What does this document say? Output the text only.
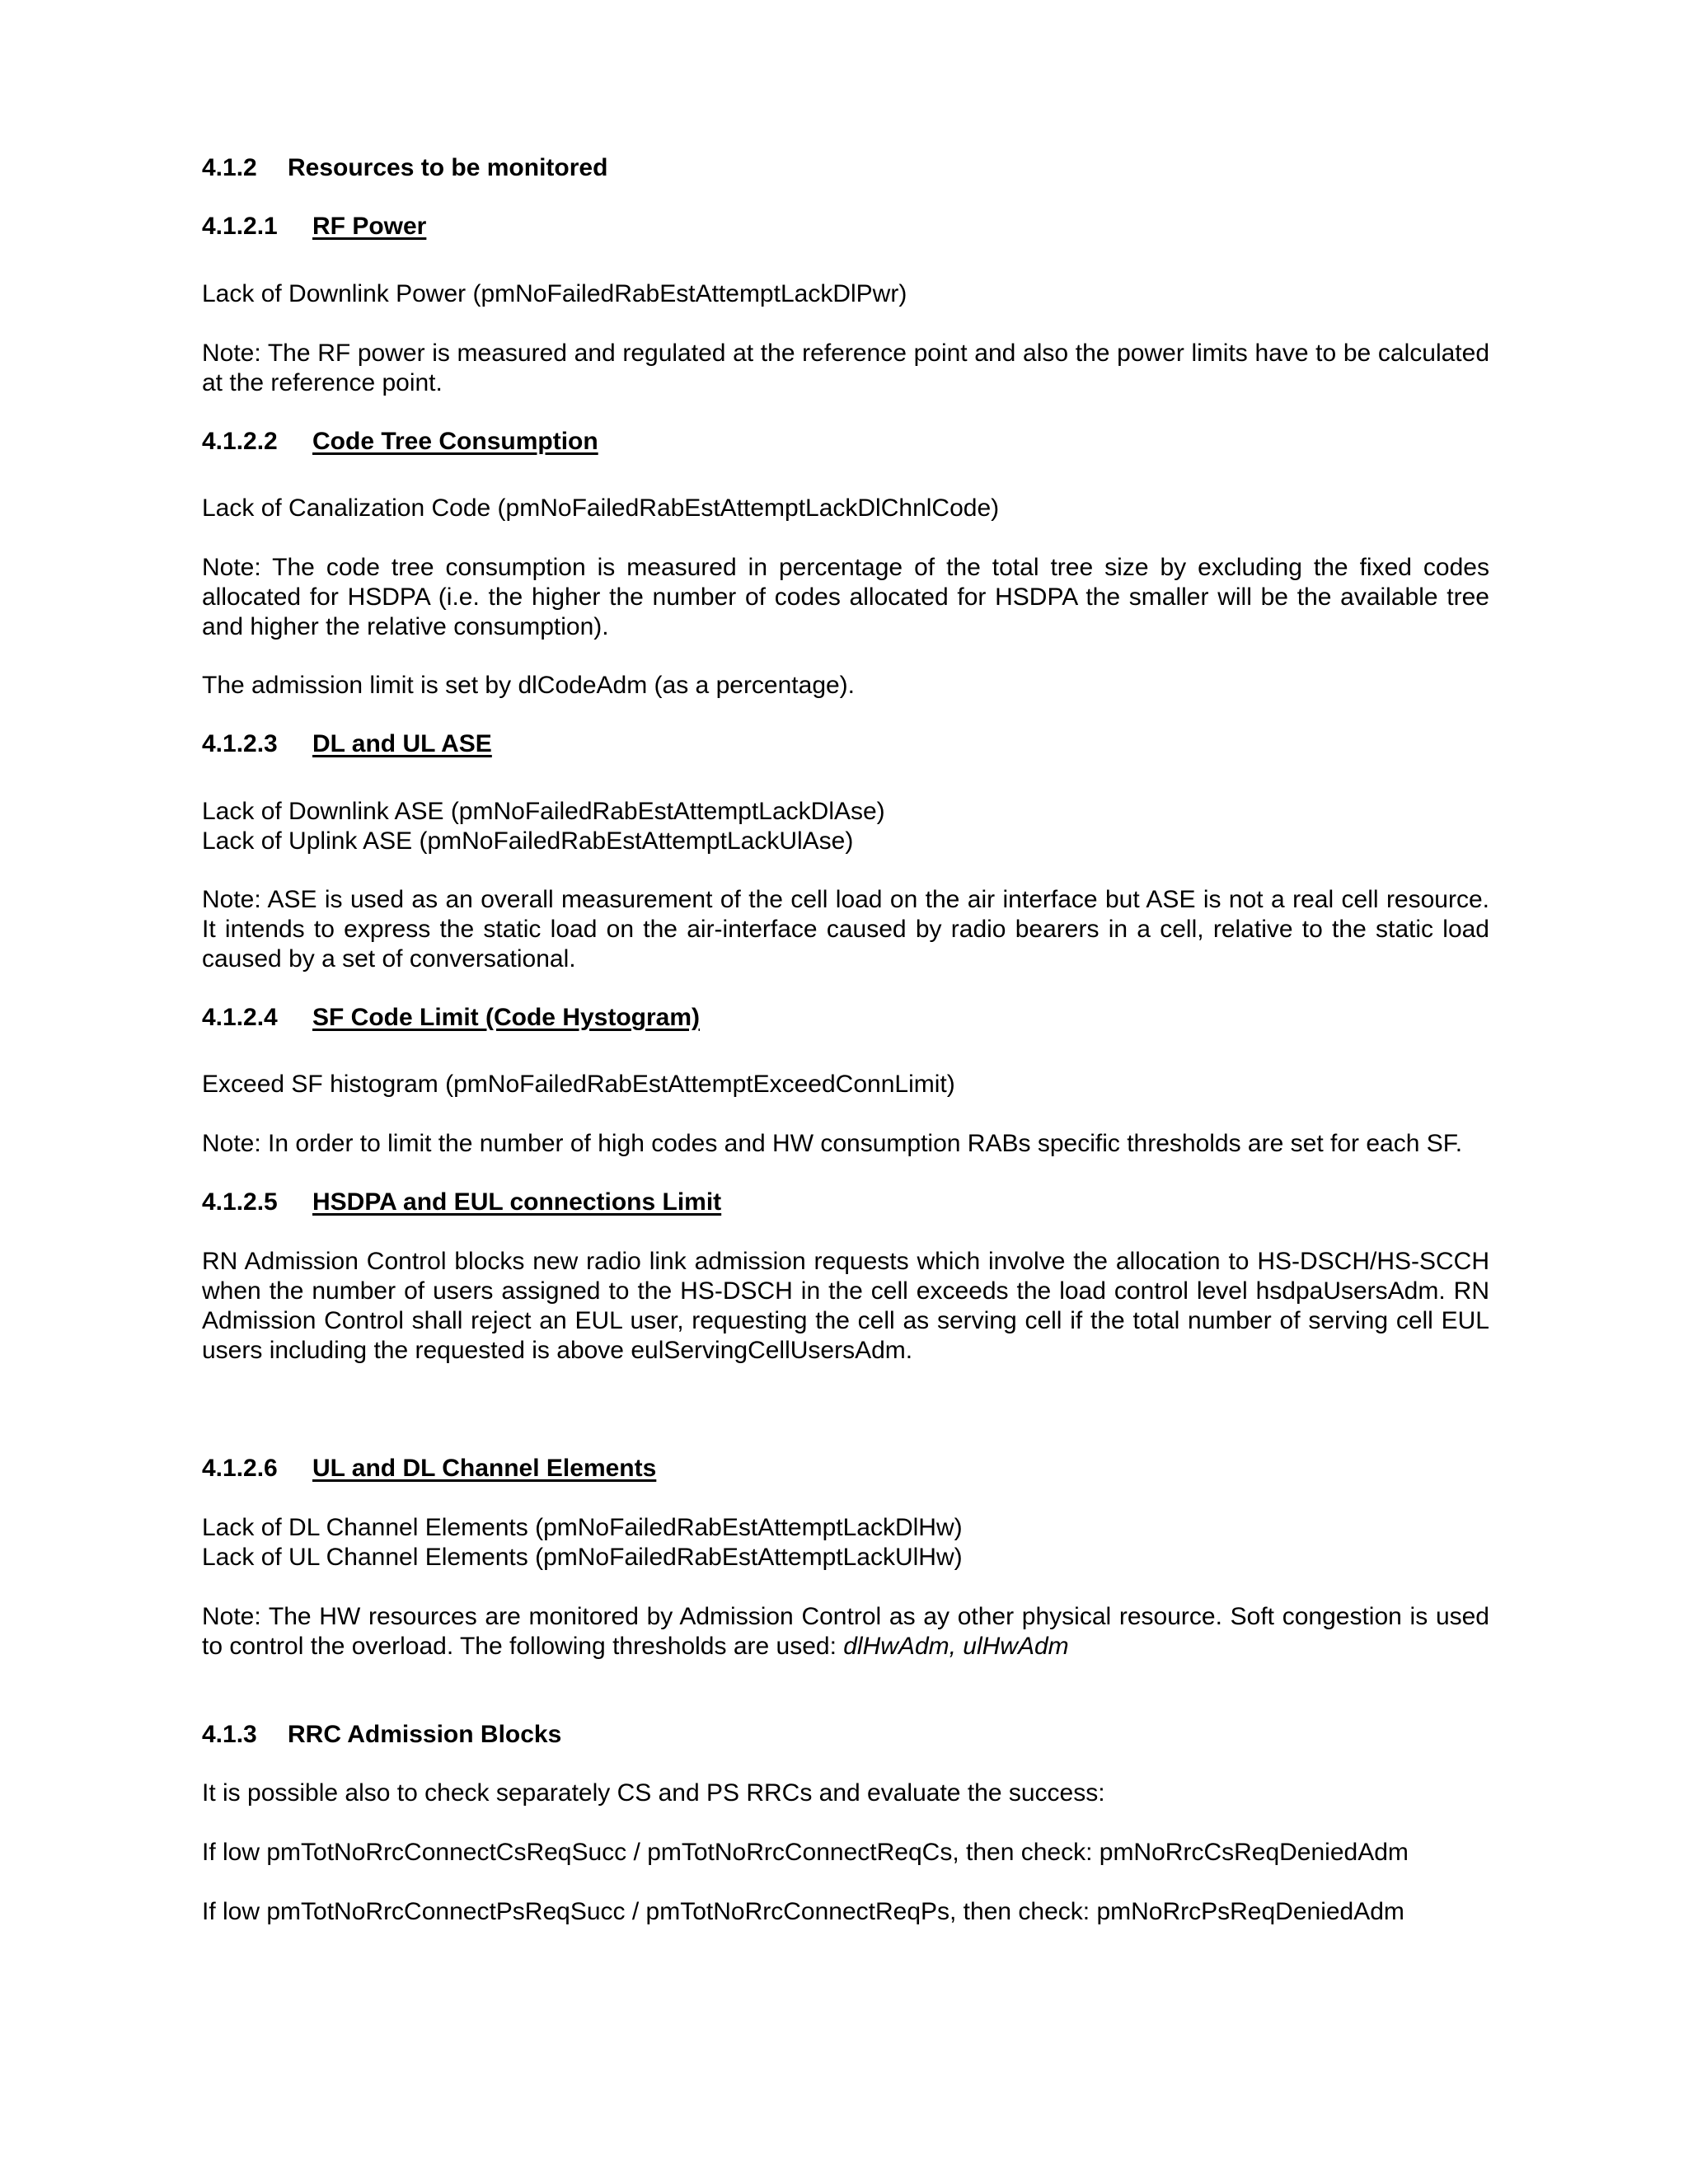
4.1.2 Resources to be monitored
4.1.2.1 RF Power
Lack of Downlink Power (pmNoFailedRabEstAttemptLackDlPwr)

Note: The RF power is measured and regulated at the reference point and also the power limits have to be calculated at the reference point.

4.1.2.2 Code Tree Consumption
Lack of Canalization Code (pmNoFailedRabEstAttemptLackDlChnlCode)

Note: The code tree consumption is measured in percentage of the total tree size by excluding the fixed codes allocated for HSDPA (i.e. the higher the number of codes allocated for HSDPA the smaller will be the available tree and higher the relative consumption).

The admission limit is set by dlCodeAdm (as a percentage).
4.1.2.3 DL and UL ASE
Lack of Downlink ASE (pmNoFailedRabEstAttemptLackDlAse)
Lack of Uplink ASE (pmNoFailedRabEstAttemptLackUlAse)

Note: ASE is used as an overall measurement of the cell load on the air interface but ASE is not a real cell resource. It intends to express the static load on the air-interface caused by radio bearers in a cell, relative to the static load caused by a set of conversational.

4.1.2.4 SF Code Limit (Code Hystogram)
Exceed SF histogram (pmNoFailedRabEstAttemptExceedConnLimit)

Note: In order to limit the number of high codes and HW consumption RABs specific thresholds are set for each SF.

4.1.2.5 HSDPA and EUL connections Limit

RN Admission Control blocks new radio link admission requests which involve the allocation to HS-DSCH/HS-SCCH when the number of users assigned to the HS-DSCH in the cell exceeds the load control level hsdpaUsersAdm. RN Admission Control shall reject an EUL user, requesting the cell as serving cell if the total number of serving cell EUL users including the requested is above eulServingCellUsersAdm.

4.1.2.6 UL and DL Channel Elements
Lack of DL Channel Elements (pmNoFailedRabEstAttemptLackDlHw)
Lack of UL Channel Elements (pmNoFailedRabEstAttemptLackUlHw)

Note: The HW resources are monitored by Admission Control as ay other physical resource. Soft congestion is used to control the overload. The following thresholds are used: dlHwAdm, ulHwAdm

4.1.3 RRC Admission Blocks
It is possible also to check separately CS and PS RRCs and evaluate the success:
If low pmTotNoRrcConnectCsReqSucc / pmTotNoRrcConnectReqCs, then check: pmNoRrcCsReqDeniedAdm
If low pmTotNoRrcConnectPsReqSucc / pmTotNoRrcConnectReqPs, then check: pmNoRrcPsReqDeniedAdm
